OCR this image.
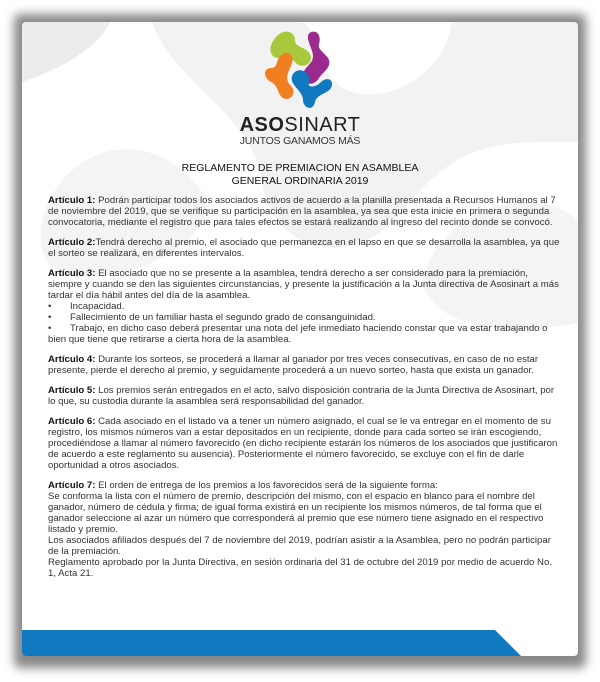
ASOSINART
JUNTOS GANAMOS MÁS
REGLAMENTO DE PREMIACION EN ASAMBLEA
GENERAL ORDINARIA 2019
Artículo 1: Podrán participar todos los asociados activos de acuerdo a la planilla presentada a Recursos Humanos al 7 de noviembre del 2019, que se verifique su participación en la asamblea, ya sea que esta inicie en primera o segunda convocatoria, mediante el registro que para tales efectos se estará realizando al ingreso del recinto donde se convocó.
Artículo 2:Tendrá derecho al premio, el asociado que permanezca en el lapso en que se desarrolla la asamblea, ya que el sorteo se realizará, en diferentes intervalos.
Artículo 3: El asociado que no se presente a la asamblea, tendrá derecho a ser considerado para la premiación, siempre y cuando se den las siguientes circunstancias, y presente la justificación a la Junta directiva de Asosinart a más tardar el día hábil antes del día de la asamblea.
• Incapacidad.
• Fallecimiento de un familiar hasta el segundo grado de consanguinidad.
• Trabajo, en dicho caso deberá presentar una nota del jefe inmediato haciendo constar que va estar trabajando o bien que tiene que retirarse a cierta hora de la asamblea.
Artículo 4: Durante los sorteos, se procederá a llamar al ganador por tres veces consecutivas, en caso de no estar presente, pierde el derecho al premio, y seguidamente procederá a un nuevo sorteo, hasta que exista un ganador.
Artículo 5: Los premios serán entregados en el acto, salvo disposición contraria de la Junta Directiva de Asosinart, por lo que, su custodia durante la asamblea será responsabilidad del ganador.
Artículo 6: Cada asociado en el listado va a tener un número asignado, el cual se le va entregar en el momento de su registro, los mismos números van a estar depositados en un recipiente, donde para cada sorteo se irán escogiendo, procediéndose a llamar al número favorecido (en dicho recipiente estarán los números de los asociados que justificaron de acuerdo a este reglamento su ausencia). Posteriormente el número favorecido, se excluye con el fin de darle oportunidad a otros asociados.
Artículo 7: El orden de entrega de los premios a los favorecidos será de la siguiente forma:
Se conforma la lista con el número de premio, descripción del mismo, con el espacio en blanco para el nombre del ganador, número de cédula y firma; de igual forma existirá en un recipiente los mismos números, de tal forma que el ganador seleccione al azar un número que corresponderá al premio que ese número tiene asignado en el respectivo listado y premio.
Los asociados afiliados después del 7 de noviembre del 2019, podrían asistir a la Asamblea, pero no podrán participar de la premiación.
Reglamento aprobado por la Junta Directiva, en sesión ordinaria del 31 de octubre del 2019 por medio de acuerdo No. 1, Acta 21.
